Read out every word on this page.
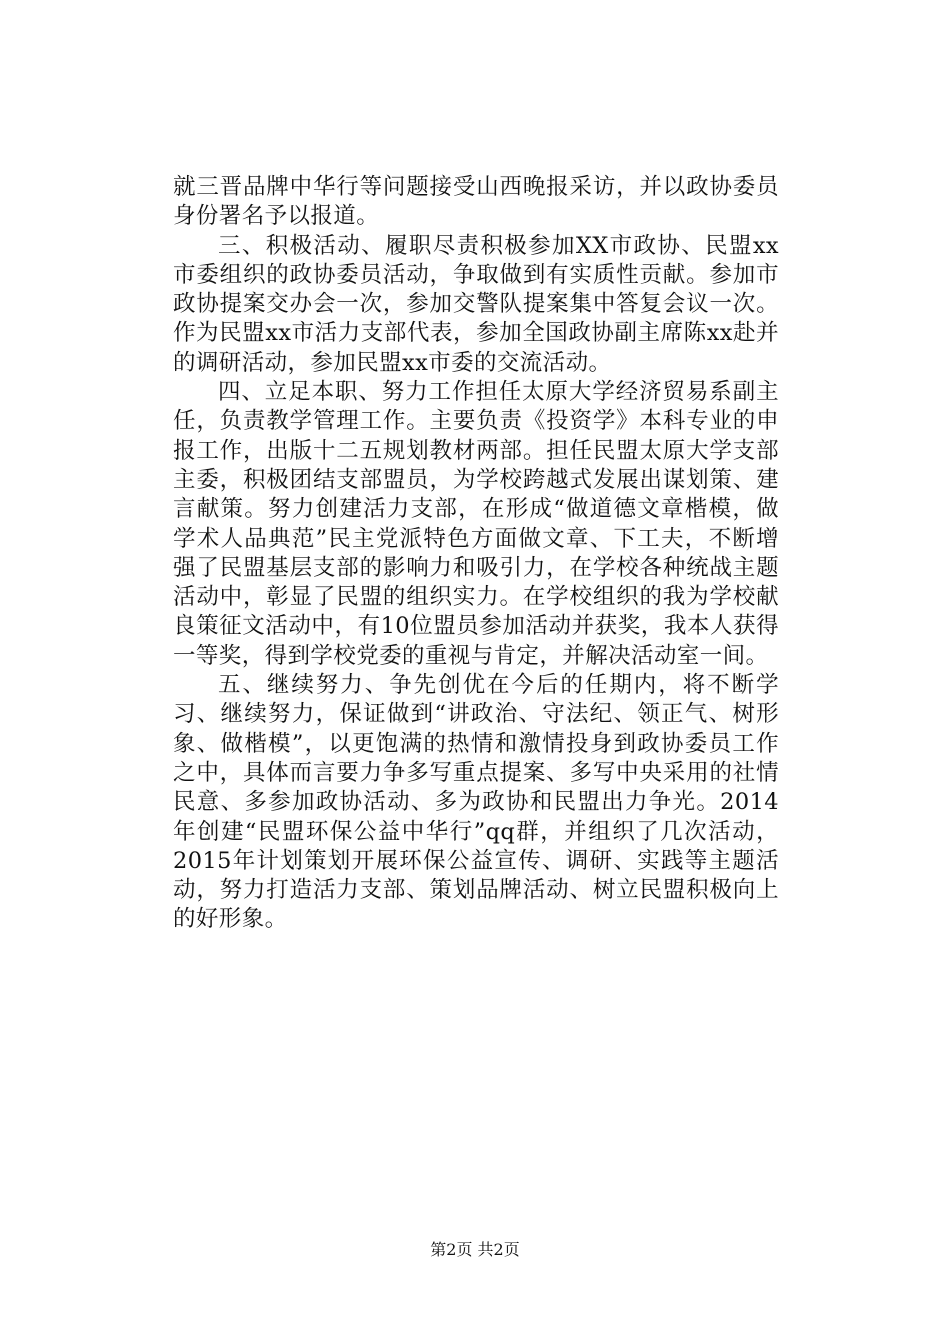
就三晋品牌中华行等问题接受山西晚报采访，并以政协委员身份署名予以报道。

三、积极活动、履职尽责积极参加XX市政协、民盟xx市委组织的政协委员活动，争取做到有实质性贡献。参加市政协提案交办会一次，参加交警队提案集中答复会议一次。作为民盟xx市活力支部代表，参加全国政协副主席陈xx赴并的调研活动，参加民盟xx市委的交流活动。

四、立足本职、努力工作担任太原大学经济贸易系副主任，负责教学管理工作。主要负责《投资学》本科专业的申报工作，出版十二五规划教材两部。担任民盟太原大学支部主委，积极团结支部盟员，为学校跨越式发展出谋划策、建言献策。努力创建活力支部，在形成“做道德文章楷模，做学术人品典范”民主党派特色方面做文章、下工夫，不断增强了民盟基层支部的影响力和吸引力，在学校各种统战主题活动中，彰显了民盟的组织实力。在学校组织的我为学校献良策征文活动中，有10位盟员参加活动并获奖，我本人获得一等奖，得到学校党委的重视与肯定，并解决活动室一间。

五、继续努力、争先创优在今后的任期内，将不断学习、继续努力，保证做到“讲政治、守法纪、领正气、树形象、做楷模”，以更饱满的热情和激情投身到政协委员工作之中，具体而言要力争多写重点提案、多写中央采用的社情民意、多参加政协活动、多为政协和民盟出力争光。2014年创建“民盟环保公益中华行”qq群，并组织了几次活动，2015年计划策划开展环保公益宣传、调研、实践等主题活动，努力打造活力支部、策划品牌活动、树立民盟积极向上的好形象。

第2页 共2页
